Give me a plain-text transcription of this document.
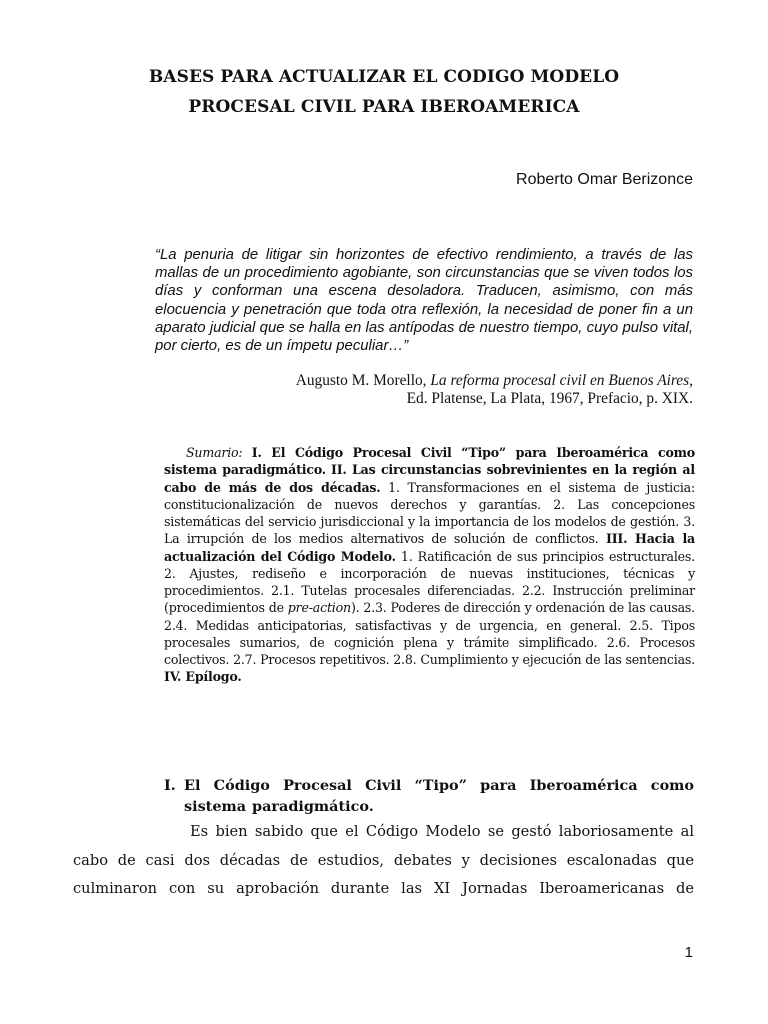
BASES PARA ACTUALIZAR EL CODIGO MODELO
PROCESAL CIVIL PARA IBEROAMERICA
Roberto Omar Berizonce
“La penuria de litigar sin horizontes de efectivo rendimiento, a través de las mallas de un procedimiento agobiante, son circunstancias que se viven todos los días y conforman una escena desoladora. Traducen, asimismo, con más elocuencia y penetración que toda otra reflexión, la necesidad de poner fin a un aparato judicial que se halla en las antípodas de nuestro tiempo, cuyo pulso vital, por cierto, es de un ímpetu peculiar…”
Augusto M. Morello, La reforma procesal civil en Buenos Aires,
Ed. Platense, La Plata, 1967, Prefacio, p. XIX.
Sumario: I. El Código Procesal Civil “Tipo” para Iberoamérica como sistema paradigmático. II. Las circunstancias sobrevinientes en la región al cabo de más de dos décadas. 1. Transformaciones en el sistema de justicia: constitucionalización de nuevos derechos y garantías. 2. Las concepciones sistemáticas del servicio jurisdiccional y la importancia de los modelos de gestión. 3. La irrupción de los medios alternativos de solución de conflictos. III. Hacia la actualización del Código Modelo. 1. Ratificación de sus principios estructurales. 2. Ajustes, rediseño e incorporación de nuevas instituciones, técnicas y procedimientos. 2.1. Tutelas procesales diferenciadas. 2.2. Instrucción preliminar (procedimientos de pre-action). 2.3. Poderes de dirección y ordenación de las causas. 2.4. Medidas anticipatorias, satisfactivas y de urgencia, en general. 2.5. Tipos procesales sumarios, de cognición plena y trámite simplificado. 2.6. Procesos colectivos. 2.7. Procesos repetitivos. 2.8. Cumplimiento y ejecución de las sentencias. IV. Epílogo.
I. El Código Procesal Civil “Tipo” para Iberoamérica como sistema paradigmático.
Es bien sabido que el Código Modelo se gestó laboriosamente al cabo de casi dos décadas de estudios, debates y decisiones escalonadas que culminaron con su aprobación durante las XI Jornadas Iberoamericanas de
1
